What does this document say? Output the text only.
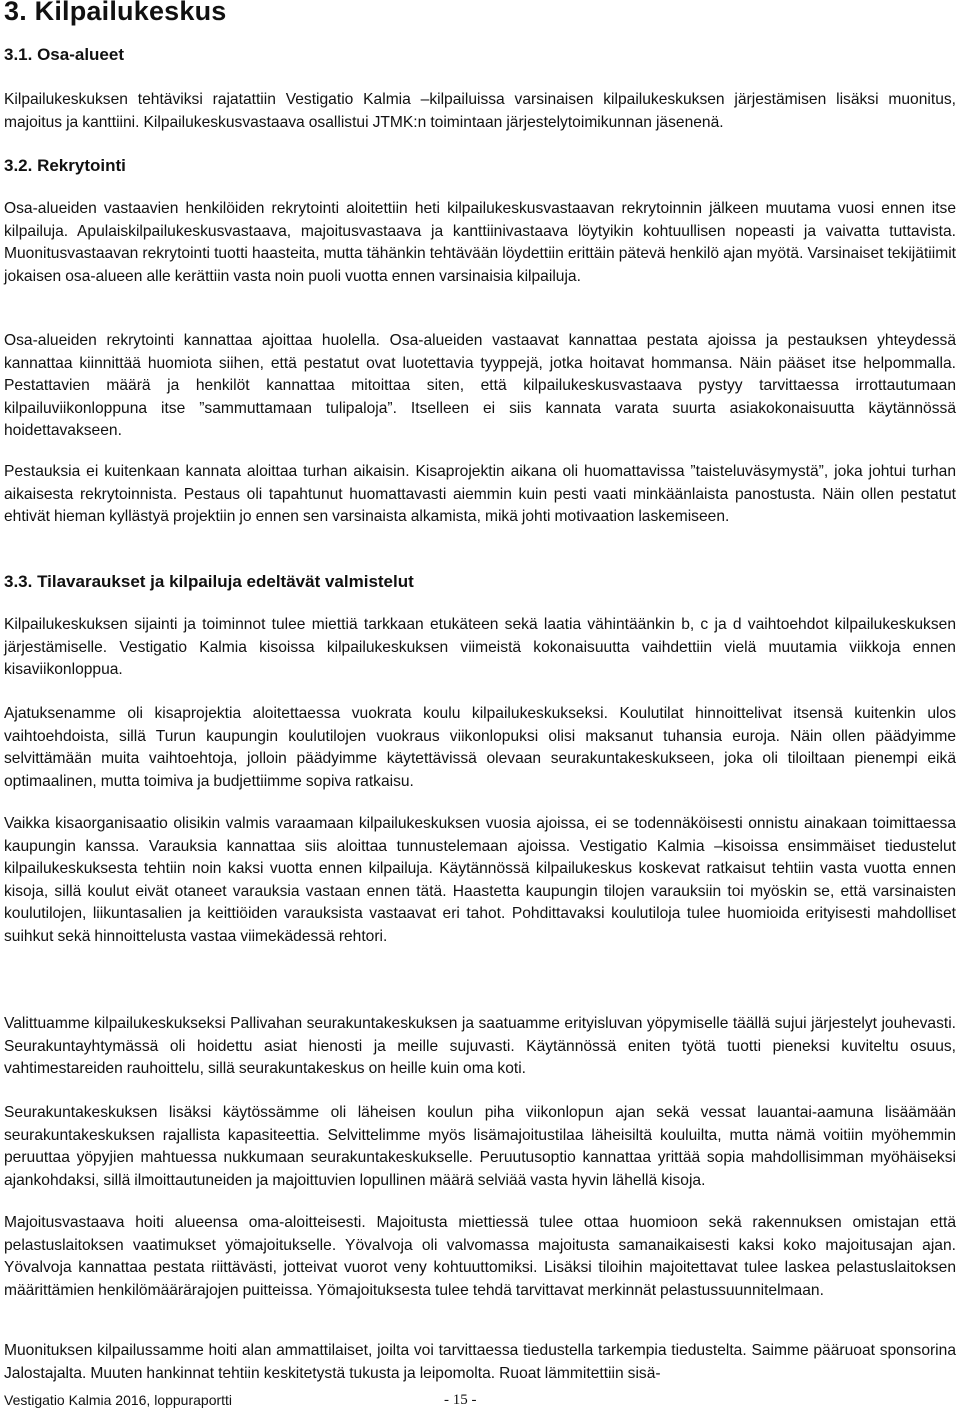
3. Kilpailukeskus
3.1. Osa-alueet

Kilpailukeskuksen tehtäviksi rajatattiin Vestigatio Kalmia –kilpailuissa varsinaisen kilpailukeskuksen järjestämisen lisäksi muonitus, majoitus ja kanttiini. Kilpailukeskusvastaava osallistui JTMK:n toimintaan järjestelytoimikunnan jäsenenä.

3.2. Rekrytointi

Osa-alueiden vastaavien henkilöiden rekrytointi aloitettiin heti kilpailukeskusvastaavan rekrytoinnin jälkeen muutama vuosi ennen itse kilpailuja. Apulaiskilpailukeskusvastaava, majoitusvastaava ja kanttiinivastaava löytyikin kohtuullisen nopeasti ja vaivatta tuttavista. Muonitusvastaavan rekrytointi tuotti haasteita, mutta tähänkin tehtävään löydettiin erittäin pätevä henkilö ajan myötä. Varsinaiset tekijätiimit jokaisen osa-alueen alle kerättiin vasta noin puoli vuotta ennen varsinaisia kilpailuja.

Osa-alueiden rekrytointi kannattaa ajoittaa huolella. Osa-alueiden vastaavat kannattaa pestata ajoissa ja pestauksen yhteydessä kannattaa kiinnittää huomiota siihen, että pestatut ovat luotettavia tyyppejä, jotka hoitavat hommansa. Näin pääset itse helpommalla. Pestattavien määrä ja henkilöt kannattaa mitoittaa siten, että kilpailukeskusvastaava pystyy tarvittaessa irrottautumaan kilpailuviikonloppuna itse ”sammuttamaan tulipaloja”. Itselleen ei siis kannata varata suurta asiakokonaisuutta käytännössä hoidettavakseen.

Pestauksia ei kuitenkaan kannata aloittaa turhan aikaisin. Kisaprojektin aikana oli huomattavissa ”taisteluväsymystä”, joka johtui turhan aikaisesta rekrytoinnista. Pestaus oli tapahtunut huomattavasti aiemmin kuin pesti vaati minkäänlaista panostusta. Näin ollen pestatut ehtivät hieman kyllästyä projektiin jo ennen sen varsinaista alkamista, mikä johti motivaation laskemiseen.

3.3. Tilavaraukset ja kilpailuja edeltävät valmistelut

Kilpailukeskuksen sijainti ja toiminnot tulee miettiä tarkkaan etukäteen sekä laatia vähintäänkin b, c ja d vaihtoehdot kilpailukeskuksen järjestämiselle. Vestigatio Kalmia kisoissa kilpailukeskuksen viimeistä kokonaisuutta vaihdettiin vielä muutamia viikkoja ennen kisaviikonloppua.

Ajatuksenamme oli kisaprojektia aloitettaessa vuokrata koulu kilpailukeskukseksi. Koulutilat hinnoittelivat itsensä kuitenkin ulos vaihtoehdoista, sillä Turun kaupungin koulutilojen vuokraus viikonlopuksi olisi maksanut tuhansia euroja. Näin ollen päädyimme selvittämään muita vaihtoehtoja, jolloin päädyimme käytettävissä olevaan seurakuntakeskukseen, joka oli tiloiltaan pienempi eikä optimaalinen, mutta toimiva ja budjettiimme sopiva ratkaisu.

Vaikka kisaorganisaatio olisikin valmis varaamaan kilpailukeskuksen vuosia ajoissa, ei se todennäköisesti onnistu ainakaan toimittaessa kaupungin kanssa. Varauksia kannattaa siis aloittaa tunnustelemaan ajoissa. Vestigatio Kalmia –kisoissa ensimmäiset tiedustelut kilpailukeskuksesta tehtiin noin kaksi vuotta ennen kilpailuja. Käytännössä kilpailukeskus koskevat ratkaisut tehtiin vasta vuotta ennen kisoja, sillä koulut eivät otaneet varauksia vastaan ennen tätä. Haastetta kaupungin tilojen varauksiin toi myöskin se, että varsinaisten koulutilojen, liikuntasalien ja keittiöiden varauksista vastaavat eri tahot. Pohdittavaksi koulutiloja tulee huomioida erityisesti mahdolliset suihkut sekä hinnoittelusta vastaa viimekädessä rehtori.

Valittuamme kilpailukeskukseksi Pallivahan seurakuntakeskuksen ja saatuamme erityisluvan yöpymiselle täällä sujui järjestelyt jouhevasti. Seurakuntayhtymässä oli hoidettu asiat hienosti ja meille sujuvasti. Käytännössä eniten työtä tuotti pieneksi kuviteltu osuus, vahtimestareiden rauhoittelu, sillä seurakuntakeskus on heille kuin oma koti.

Seurakuntakeskuksen lisäksi käytössämme oli läheisen koulun piha viikonlopun ajan sekä vessat lauantai-aamuna lisäämään seurakuntakeskuksen rajallista kapasiteettia. Selvittelimme myös lisämajoitustilaa läheisiltä kouluilta, mutta nämä voitiin myöhemmin peruuttaa yöpyjien mahtuessa nukkumaan seurakuntakeskukselle. Peruutusoptio kannattaa yrittää sopia mahdollisimman myöhäiseksi ajankohdaksi, sillä ilmoittautuneiden ja majoittuvien lopullinen määrä selviää vasta hyvin lähellä kisoja.

Majoitusvastaava hoiti alueensa oma-aloitteisesti. Majoitusta miettiessä tulee ottaa huomioon sekä rakennuksen omistajan että pelastuslaitoksen vaatimukset yömajoitukselle. Yövalvoja oli valvomassa majoitusta samanaikaisesti kaksi koko majoitusajan ajan. Yövalvoja kannattaa pestata riittävästi, jotteivat vuorot veny kohtuuttomiksi. Lisäksi tiloihin majoitettavat tulee laskea pelastuslaitoksen määrittämien henkilömäärärajojen puitteissa. Yömajoituksesta tulee tehdä tarvittavat merkinnät pelastussuunnitelmaan.

Muonituksen kilpailussamme hoiti alan ammattilaiset, joilta voi tarvittaessa tiedustella tarkempia tiedustelta. Saimme pääruoat sponsorina Jalostajalta. Muuten hankinnat tehtiin keskitetystä tukusta ja leipomolta. Ruoat lämmitettiin sisä-

Vestigatio Kalmia 2016, loppuraportti	- 15 -
